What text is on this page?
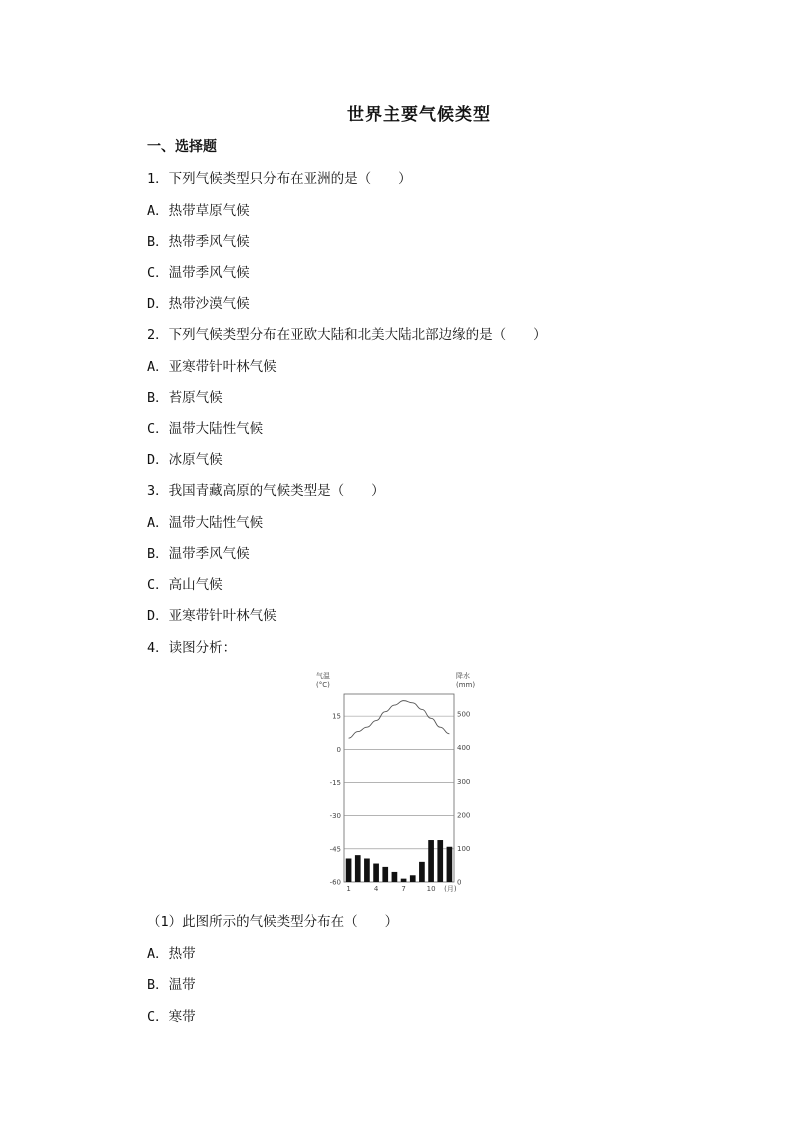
世界主要气候类型
一、选择题
1．下列气候类型只分布在亚洲的是（　　）
A．热带草原气候
B．热带季风气候
C．温带季风气候
D．热带沙漠气候
2．下列气候类型分布在亚欧大陆和北美大陆北部边缘的是（　　）
A．亚寒带针叶林气候
B．苔原气候
C．温带大陆性气候
D．冰原气候
3．我国青藏高原的气候类型是（　　）
A．温带大陆性气候
B．温带季风气候
C．高山气候
D．亚寒带针叶林气候
4．读图分析：
（1）此图所示的气候类型分布在（　　）
A．热带
B．温带
C．寒带
15
0
-15
-30
-45
-60
500
400
300
200
100
0
气温
(°C)
降水
(mm)
1	4	7	10 (月)
